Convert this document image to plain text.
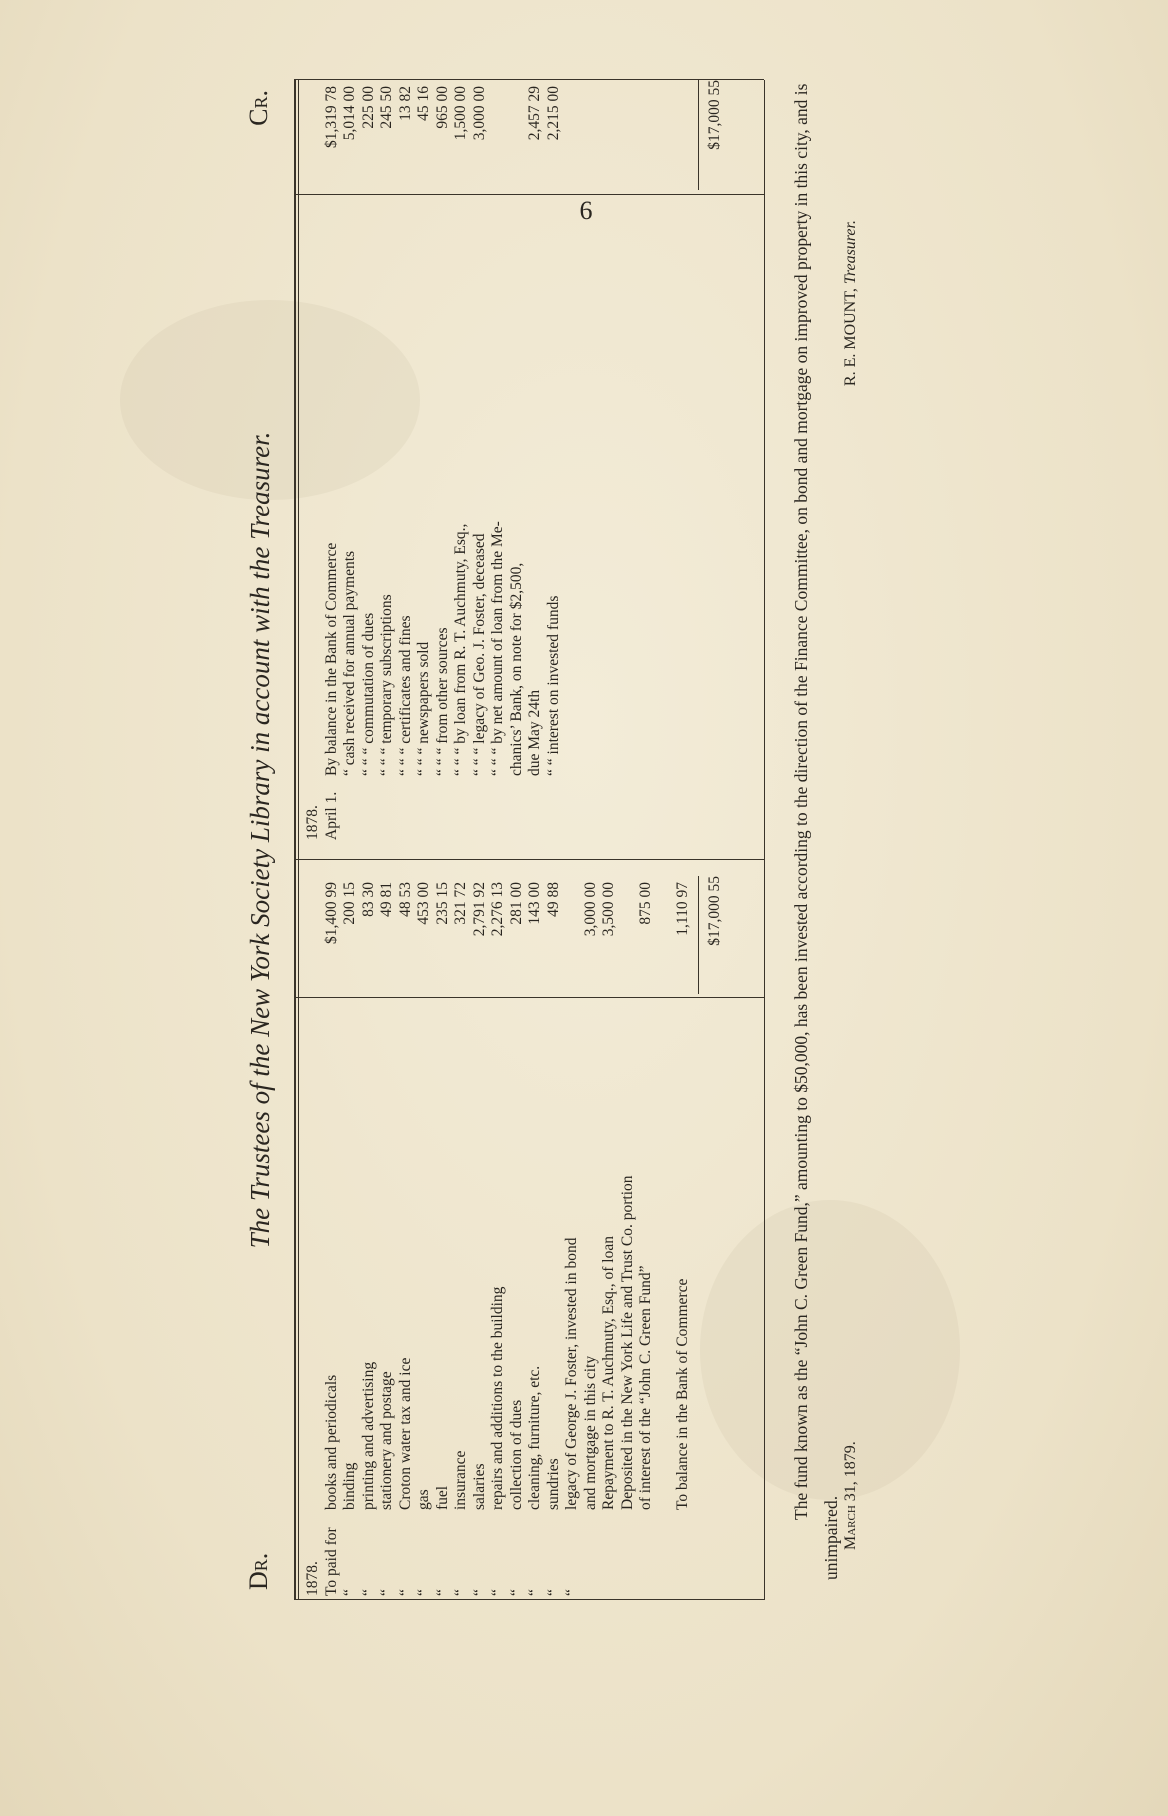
6
Dr.
The Trustees of the New York Society Library in account with the Treasurer.
Cr.
1878. To paid for
books and periodicals
$1,400 99
“
binding
200 15
“
printing and advertising
83 30
“
stationery and postage
49 81
“
Croton water tax and ice
48 53
“
gas
453 00
“
fuel
235 15
“
insurance
321 72
“
salaries
2,791 92
“
repairs and additions to the building
2,276 13
“
collection of dues
281 00
“
cleaning, furniture, etc.
143 00
“
sundries
49 88
“
legacy of George J. Foster, invested in bond and mortgage in this city
3,000 00
Repayment to R. T. Auchmuty, Esq., of loan
3,500 00
Deposited in the New York Life and Trust Co. portion of interest of the “John C. Green Fund”
875 00
To balance in the Bank of Commerce
1,110 97
1878. April 1.
By balance in the Bank of Commerce
$1,319 78
“ cash received for annual payments
5,014 00
“ “ “ commutation of dues
225 00
“ “ “ temporary subscriptions
245 50
“ “ “ certificates and fines
13 82
“ “ “ newspapers sold
45 16
“ “ “ from other sources
965 00
“ “ “ by loan from R. T. Auchmuty, Esq.,
1,500 00
“ “ “ legacy of Geo. J. Foster, deceased
3,000 00
“ “ “ by net amount of loan from the Me- chanics’ Bank, on note for $2,500, due May 24th
2,457 29
“ “ interest on invested funds
2,215 00
$17,000 55
$17,000 55	The fund known as the “John C. Green Fund,” amounting to $50,000, has been invested according to the direction of the Finance Committee, on bond and mortgage on improved property in this city, and is unimpaired. March 31, 1879.
R. E. MOUNT, Treasurer.
